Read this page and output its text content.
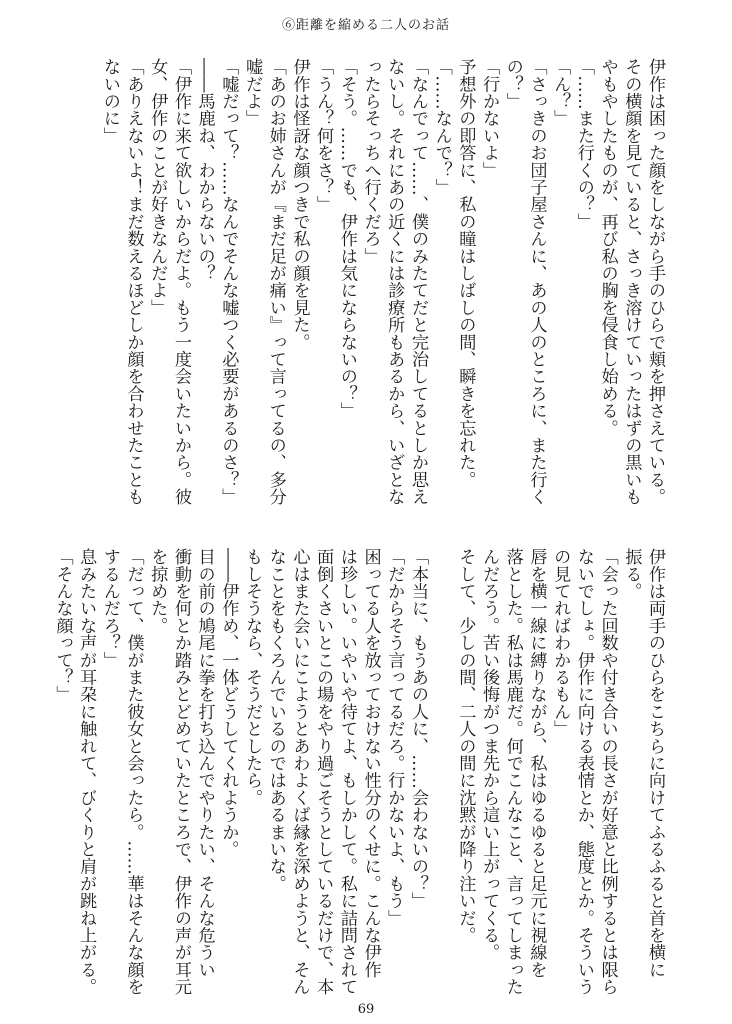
⑥距離を縮める二人のお話

伊作は困った顔をしながら手のひらで頬を押さえている。

その横顔を見ていると、さっき溶けていったはずの黒いも

やもやしたものが、再び私の胸を侵食し始める。

「……また行くの？」

「ん？」

「さっきのお団子屋さんに、あの人のところに、また行く

の？」

「行かないよ」

予想外の即答に、私の瞳はしばしの間、瞬きを忘れた。

「……なんで？」

「なんでって……、僕のみたてだと完治してるとしか思え

ないし。それにあの近くには診療所もあるから、いざとな

ったらそっちへ行くだろ」

「そう。……でも、伊作は気にならないの？」

「うん？何をさ？」

伊作は怪訝な顔つきで私の顔を見た。

「あのお姉さんが『まだ足が痛い』って言ってるの、多分

嘘だよ」

「嘘だって？……なんでそんな嘘つく必要があるのさ？」

――馬鹿ね、わからないの？

「伊作に来て欲しいからだよ。もう一度会いたいから。彼

女、伊作のことが好きなんだよ」

「ありえないよ！まだ数えるほどしか顔を合わせたことも

ないのに」

伊作は両手のひらをこちらに向けてふるふると首を横に

振る。

「会った回数や付き合いの長さが好意と比例するとは限ら

ないでしょ。伊作に向ける表情とか、態度とか。そういう

の見てればわかるもん」

唇を横一線に縛りながら、私はゆるゆると足元に視線を

落とした。私は馬鹿だ。何でこんなこと、言ってしまった

んだろう。苦い後悔がつま先から這い上がってくる。

そして、少しの間、二人の間に沈黙が降り注いだ。

「本当に、もうあの人に、……会わないの？」

「だからそう言ってるだろ。行かないよ、もう」

困ってる人を放っておけない性分のくせに。こんな伊作

は珍しい。いやいや待てよ、もしかして。私に詰問されて

面倒くさいとこの場をやり過ごそうとしているだけで、本

心はまた会いにこようとあわよくば縁を深めようと、そん

なことをもくろんでいるのではあるまいな。

もしそうなら、そうだとしたら。

――伊作め、一体どうしてくれようか。

目の前の鳩尾に拳を打ち込んでやりたい、そんな危うい

衝動を何とか踏みとどめていたところで、伊作の声が耳元

を掠めた。

「だって、僕がまた彼女と会ったら。……華はそんな顔を

するんだろ？」

息みたいな声が耳朶に触れて、びくりと肩が跳ね上がる。

「そんな顔って？」

69
